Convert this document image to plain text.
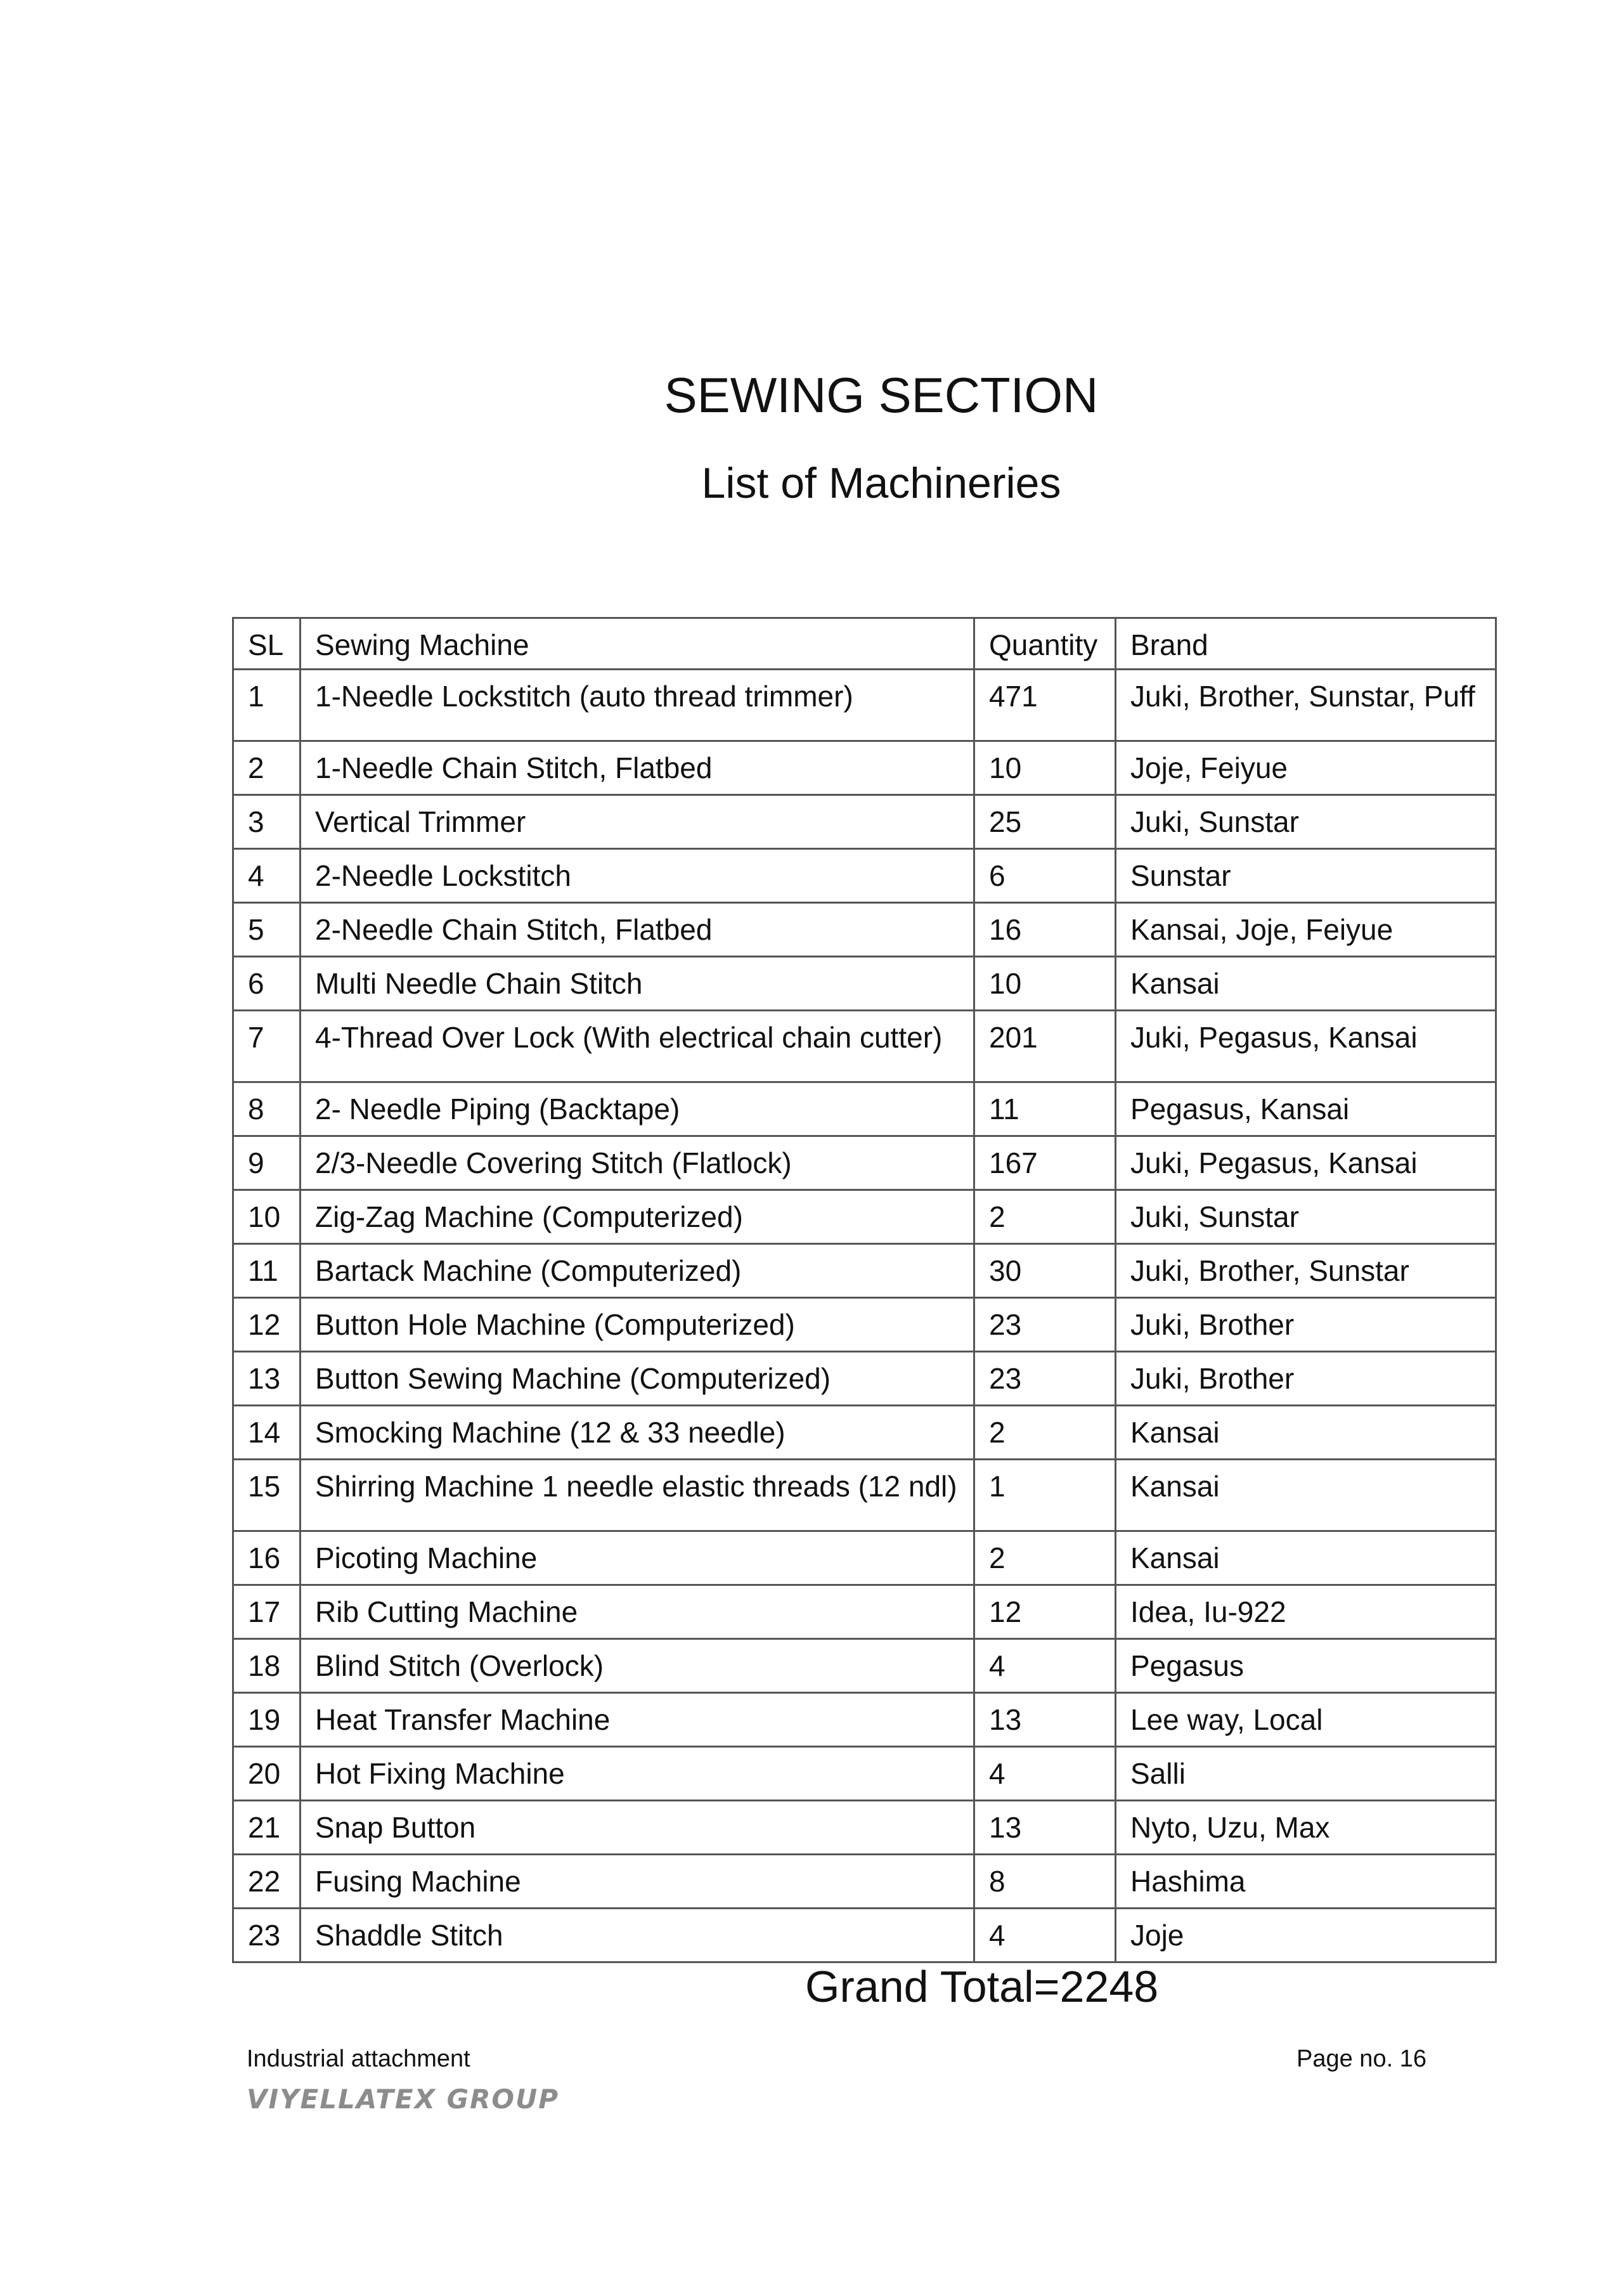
SEWING SECTION
List of Machineries
SL	Sewing Machine	Quantity	Brand
1	1-Needle Lockstitch (auto thread trimmer)	471	Juki, Brother, Sunstar, Puff
2	1-Needle Chain Stitch, Flatbed	10	Joje, Feiyue
3	Vertical Trimmer	25	Juki, Sunstar
4	2-Needle Lockstitch	6	Sunstar
5	2-Needle Chain Stitch, Flatbed	16	Kansai, Joje, Feiyue
6	Multi Needle Chain Stitch	10	Kansai
7	4-Thread Over Lock (With electrical chain cutter)	201	Juki, Pegasus, Kansai
8	2- Needle Piping (Backtape)	11	Pegasus, Kansai
9	2/3-Needle Covering Stitch (Flatlock)	167	Juki, Pegasus, Kansai
10	Zig-Zag Machine (Computerized)	2	Juki, Sunstar
11	Bartack Machine (Computerized)	30	Juki, Brother, Sunstar
12	Button Hole Machine (Computerized)	23	Juki, Brother
13	Button Sewing Machine (Computerized)	23	Juki, Brother
14	Smocking Machine (12 & 33 needle)	2	Kansai
15	Shirring Machine 1 needle elastic threads (12 ndl)	1	Kansai
16	Picoting Machine	2	Kansai
17	Rib Cutting Machine	12	Idea, Iu-922
18	Blind Stitch (Overlock)	4	Pegasus
19	Heat Transfer Machine	13	Lee way, Local
20	Hot Fixing Machine	4	Salli
21	Snap Button	13	Nyto, Uzu, Max
22	Fusing Machine	8	Hashima
23	Shaddle Stitch	4	Joje
Grand Total=2248
Industrial attachment	Page no. 16
VIYELLATEX GROUP
